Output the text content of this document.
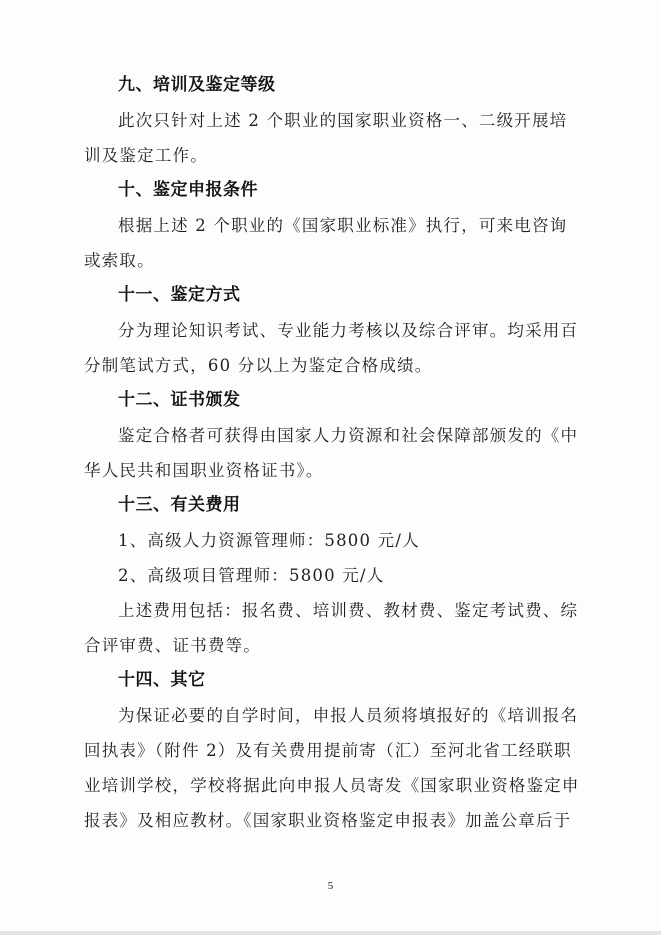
九、培训及鉴定等级

此次只针对上述 2 个职业的国家职业资格一、二级开展培训及鉴定工作。

十、鉴定申报条件

根据上述 2 个职业的《国家职业标准》执行，可来电咨询或索取。

十一、鉴定方式

分为理论知识考试、专业能力考核以及综合评审。均采用百分制笔试方式，60 分以上为鉴定合格成绩。

十二、证书颁发

鉴定合格者可获得由国家人力资源和社会保障部颁发的《中华人民共和国职业资格证书》。

十三、有关费用

1、高级人力资源管理师：5800 元/人

2、高级项目管理师：5800 元/人

上述费用包括：报名费、培训费、教材费、鉴定考试费、综合评审费、证书费等。

十四、其它

为保证必要的自学时间，申报人员须将填报好的《培训报名回执表》（附件 2）及有关费用提前寄（汇）至河北省工经联职业培训学校，学校将据此向申报人员寄发《国家职业资格鉴定申报表》及相应教材。《国家职业资格鉴定申报表》加盖公章后于

5
